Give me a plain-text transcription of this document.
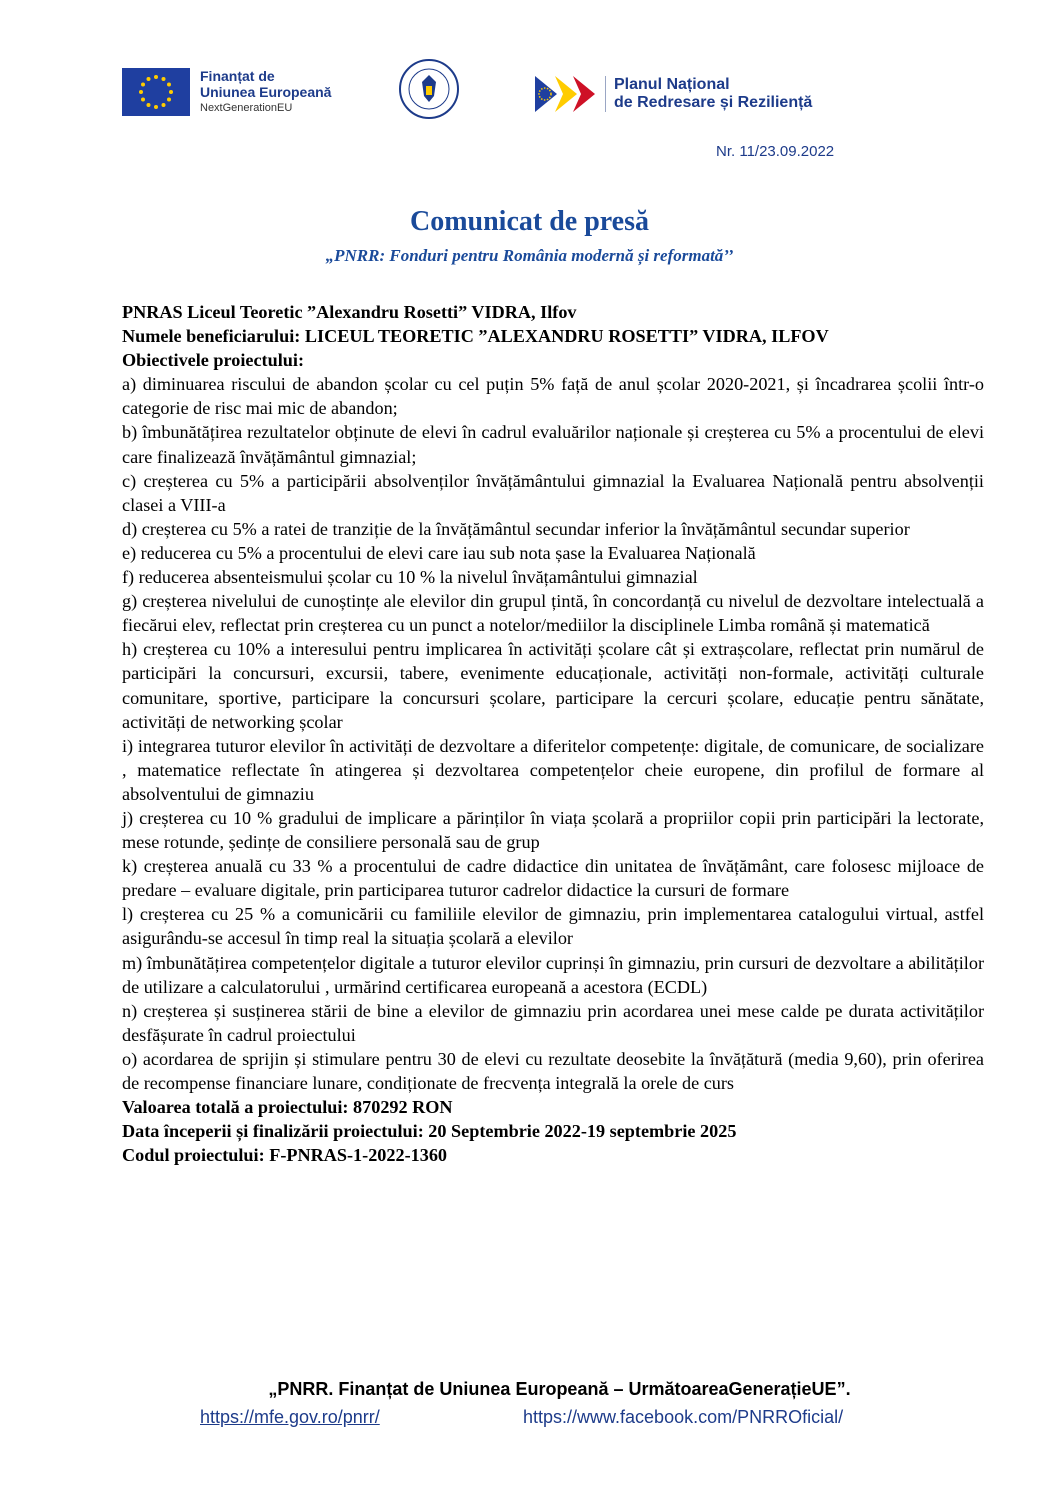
Finanțat de
Uniunea Europeană
NextGenerationEU
Planul Național
de Redresare și Reziliență
Nr. 11/23.09.2022
Comunicat de presă
„PNRR: Fonduri pentru România modernă și reformată’’

PNRAS Liceul Teoretic ”Alexandru Rosetti” VIDRA, Ilfov

Numele beneficiarului: LICEUL TEORETIC ”ALEXANDRU ROSETTI” VIDRA, ILFOV

Obiectivele proiectului:

a) diminuarea riscului de abandon școlar cu cel puțin 5% față de anul școlar 2020-2021, și încadrarea școlii într-o categorie de risc mai mic de abandon;

b) îmbunătățirea rezultatelor obținute de elevi în cadrul evaluărilor naționale și creșterea cu 5% a procentului de elevi care finalizează învățământul gimnazial;

c) creșterea cu 5% a participării absolvenților învățământului gimnazial la Evaluarea Națională pentru absolvenții clasei a VIII-a

d) creșterea cu 5% a ratei de tranziție de la învățământul secundar inferior la învățământul secundar superior

e) reducerea cu 5% a procentului de elevi care iau sub nota șase la Evaluarea Națională

f) reducerea absenteismului școlar cu 10 % la nivelul învățamântului gimnazial

g) creșterea nivelului de cunoștințe ale elevilor din grupul țintă, în concordanță cu nivelul de dezvoltare intelectuală a fiecărui elev, reflectat prin creșterea cu un punct a notelor/mediilor la disciplinele Limba română și matematică

h) creșterea cu 10% a interesului pentru implicarea în activități școlare cât și extrașcolare, reflectat prin numărul de participări la concursuri, excursii, tabere, evenimente educaționale, activități non-formale, activități culturale comunitare, sportive, participare la concursuri școlare, participare la cercuri școlare, educație pentru sănătate, activități de networking școlar

i) integrarea tuturor elevilor în activități de dezvoltare a diferitelor competențe: digitale, de comunicare, de socializare , matematice reflectate în atingerea și dezvoltarea competențelor cheie europene, din profilul de formare al absolventului de gimnaziu

j) creșterea cu 10 % gradului de implicare a părinților în viața școlară a propriilor copii prin participări la lectorate, mese rotunde, ședințe de consiliere personală sau de grup

k) creșterea anuală cu 33 % a procentului de cadre didactice din unitatea de învățământ, care folosesc mijloace de predare – evaluare digitale, prin participarea tuturor cadrelor didactice la cursuri de formare

l) creșterea cu 25 % a comunicării cu familiile elevilor de gimnaziu, prin implementarea catalogului virtual, astfel asigurându-se accesul în timp real la situația școlară a elevilor

m) îmbunătățirea competențelor digitale a tuturor elevilor cuprinși în gimnaziu, prin cursuri de dezvoltare a abilităților de utilizare a calculatorului , urmărind certificarea europeană a acestora (ECDL)

n) creșterea și susținerea stării de bine a elevilor de gimnaziu prin acordarea unei mese calde pe durata activităților desfășurate în cadrul proiectului

o) acordarea de sprijin și stimulare pentru 30 de elevi cu rezultate deosebite la învățătură (media 9,60), prin oferirea de recompense financiare lunare, condiționate de frecvența integrală la orele de curs

Valoarea totală a proiectului: 870292 RON

Data începerii și finalizării proiectului: 20 Septembrie 2022-19 septembrie 2025

Codul proiectului: F-PNRAS-1-2022-1360

„PNRR. Finanțat de Uniunea Europeană – UrmătoareaGenerațieUE”.
https://mfe.gov.ro/pnrr/	https://www.facebook.com/PNRROficial/
